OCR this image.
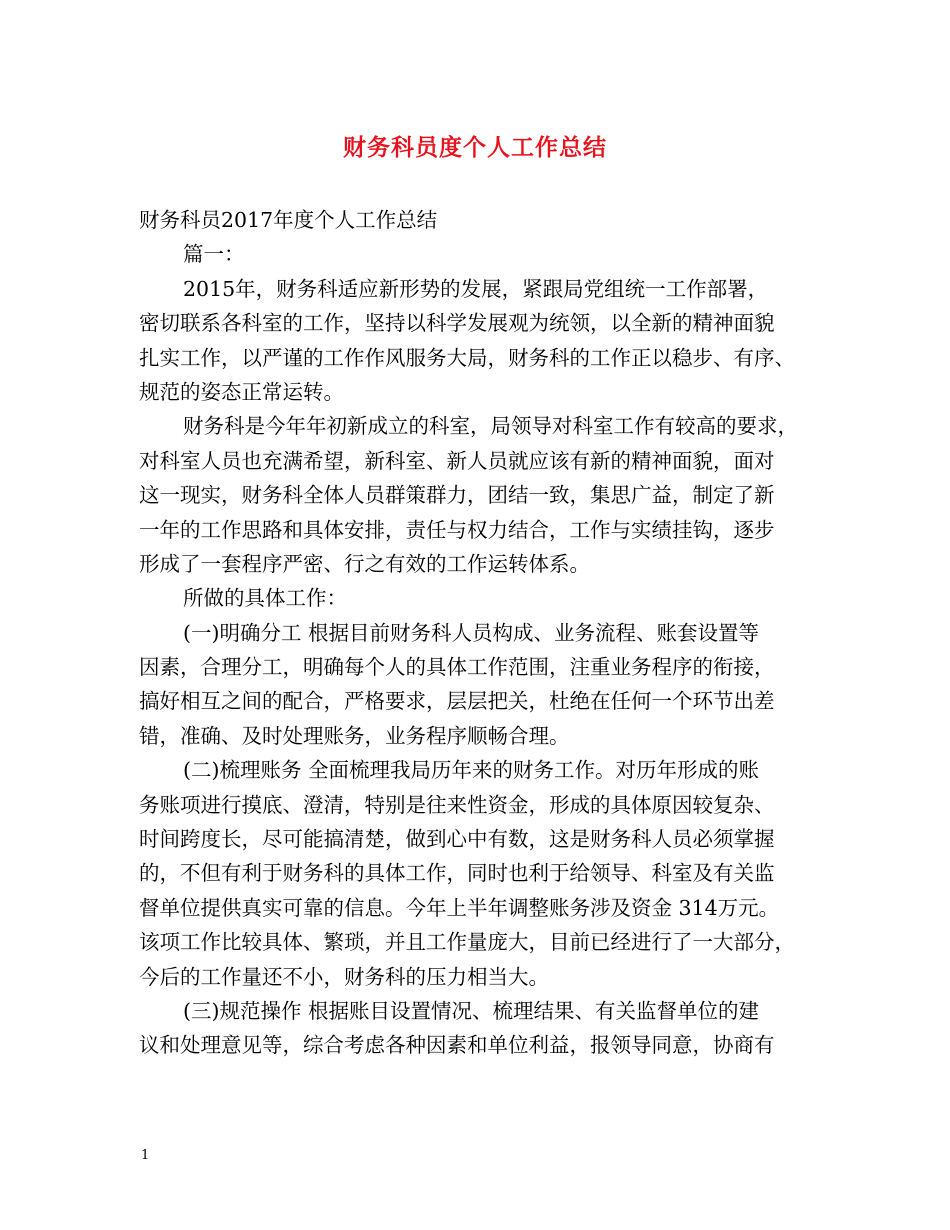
财务科员度个人工作总结
财务科员2017年度个人工作总结
篇一：
2015年，财务科适应新形势的发展，紧跟局党组统一工作部署，
密切联系各科室的工作，坚持以科学发展观为统领，以全新的精神面貌
扎实工作，以严谨的工作作风服务大局，财务科的工作正以稳步、有序、
规范的姿态正常运转。
财务科是今年年初新成立的科室，局领导对科室工作有较高的要求，
对科室人员也充满希望，新科室、新人员就应该有新的精神面貌，面对
这一现实，财务科全体人员群策群力，团结一致，集思广益，制定了新
一年的工作思路和具体安排，责任与权力结合，工作与实绩挂钩，逐步
形成了一套程序严密、行之有效的工作运转体系。
所做的具体工作：
(一)明确分工 根据目前财务科人员构成、业务流程、账套设置等
因素，合理分工，明确每个人的具体工作范围，注重业务程序的衔接，
搞好相互之间的配合，严格要求，层层把关，杜绝在任何一个环节出差
错，准确、及时处理账务，业务程序顺畅合理。
(二)梳理账务 全面梳理我局历年来的财务工作。对历年形成的账
务账项进行摸底、澄清，特别是往来性资金，形成的具体原因较复杂、
时间跨度长，尽可能搞清楚，做到心中有数，这是财务科人员必须掌握
的，不但有利于财务科的具体工作，同时也利于给领导、科室及有关监
督单位提供真实可靠的信息。今年上半年调整账务涉及资金 314万元。
该项工作比较具体、繁琐，并且工作量庞大，目前已经进行了一大部分，
今后的工作量还不小，财务科的压力相当大。
(三)规范操作 根据账目设置情况、梳理结果、有关监督单位的建
议和处理意见等，综合考虑各种因素和单位利益，报领导同意，协商有
1
